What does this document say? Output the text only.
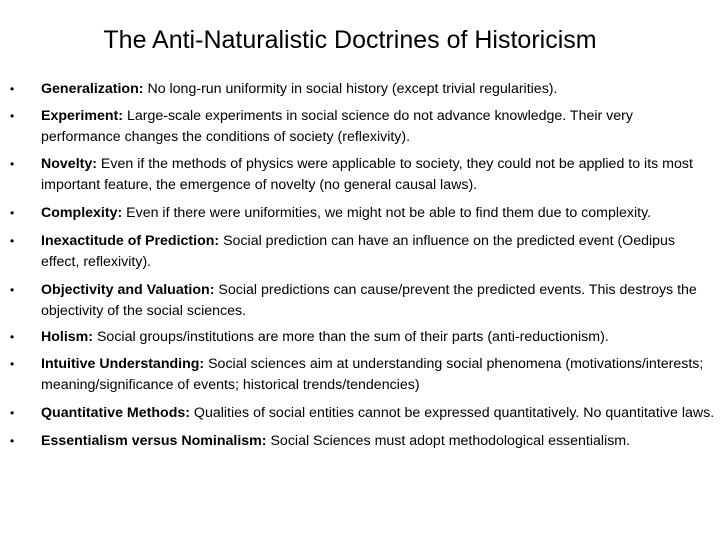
The Anti-Naturalistic Doctrines of Historicism
• Generalization: No long-run uniformity in social history (except trivial regularities).
• Experiment: Large-scale experiments in social science do not advance knowledge. Their very performance changes the conditions of society (reflexivity).
• Novelty: Even if the methods of physics were applicable to society, they could not be applied to its most important feature, the emergence of novelty (no general causal laws).
• Complexity: Even if there were uniformities, we might not be able to find them due to complexity.
• Inexactitude of Prediction: Social prediction can have an influence on the predicted event (Oedipus effect, reflexivity).
• Objectivity and Valuation: Social predictions can cause/prevent the predicted events. This destroys the objectivity of the social sciences.
• Holism: Social groups/institutions are more than the sum of their parts (anti-reductionism).
• Intuitive Understanding: Social sciences aim at understanding social phenomena (motivations/interests; meaning/significance of events; historical trends/tendencies)
• Quantitative Methods: Qualities of social entities cannot be expressed quantitatively. No quantitative laws.
• Essentialism versus Nominalism: Social Sciences must adopt methodological essentialism.
